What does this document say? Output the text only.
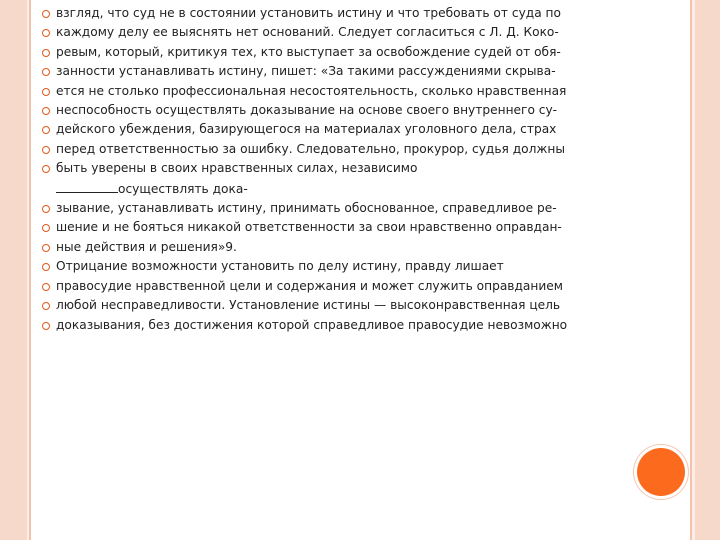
взгляд, что суд не в состоянии установить истину и что требовать от суда по
каждому делу ее выяснять нет оснований. Следует согласиться с Л. Д. Коко-
ревым, который, критикуя тех, кто выступает за освобождение судей от обя-
занности устанавливать истину, пишет: «За такими рассуждениями скрыва-
ется не столько профессиональная несостоятельность, сколько нравственная
неспособность осуществлять доказывание на основе своего внутреннего су-
дейского убеждения, базирующегося на материалах уголовного дела, страх
перед ответственностью за ошибку. Следовательно, прокурор, судья должны
быть уверены в своих нравственных силах, независимо
осуществлять дока-
зывание, устанавливать истину, принимать обоснованное, справедливое ре-
шение и не бояться никакой ответственности за свои нравственно оправдан-
ные действия и решения»9.
Отрицание возможности установить по делу истину, правду лишает
правосудие нравственной цели и содержания и может служить оправданием
любой несправедливости. Установление истины — высоконравственная цель
доказывания, без достижения которой справедливое правосудие невозможно
